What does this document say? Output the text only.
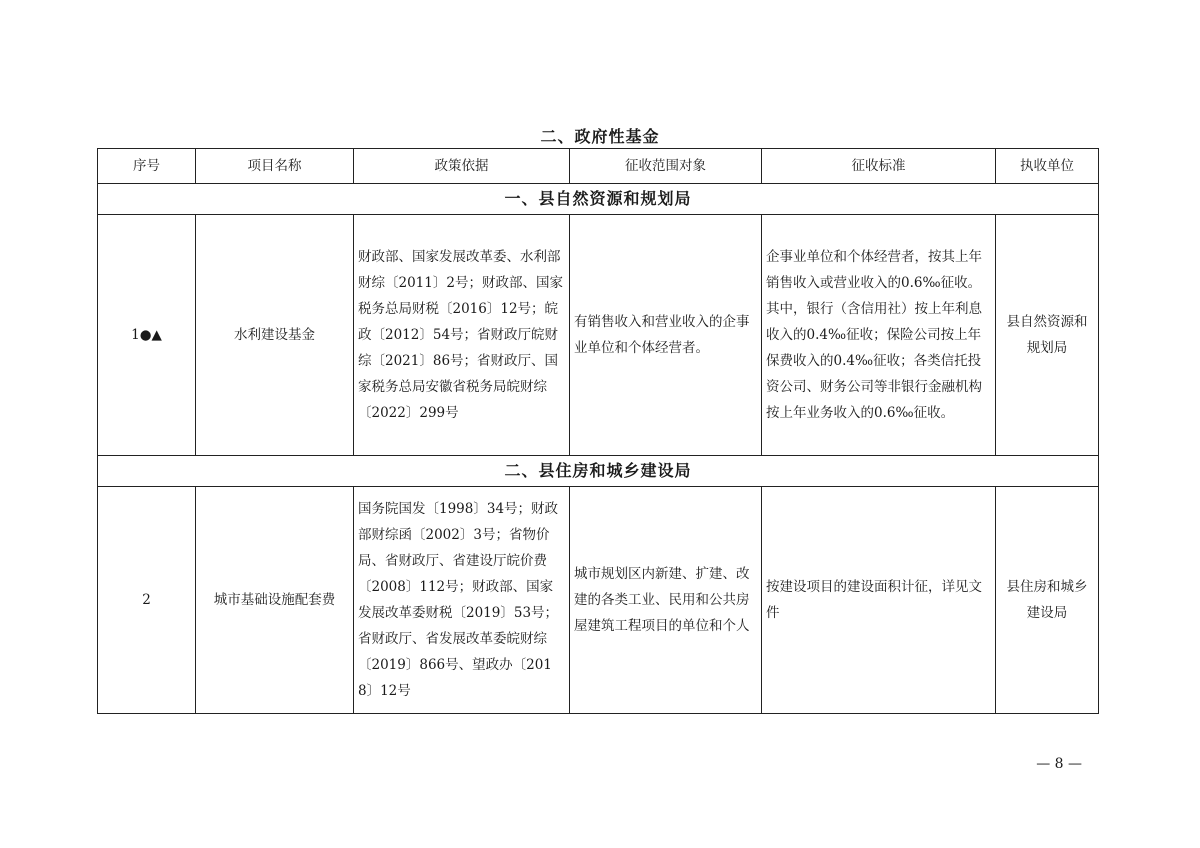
二、政府性基金
序号	项目名称	政策依据	征收范围对象	征收标准	执收单位
一、县自然资源和规划局					
1●▲	水利建设基金	财政部、国家发展改革委、水利部财综〔2011〕2号；财政部、国家税务总局财税〔2016〕12号；皖政〔2012〕54号；省财政厅皖财综〔2021〕86号；省财政厅、国家税务总局安徽省税务局皖财综〔2022〕299号	有销售收入和营业收入的企事业单位和个体经营者。	企事业单位和个体经营者，按其上年销售收入或营业收入的0.6‰征收。其中，银行（含信用社）按上年利息收入的0.4‰征收；保险公司按上年保费收入的0.4‰征收；各类信托投资公司、财务公司等非银行金融机构按上年业务收入的0.6‰征收。	县自然资源和规划局
二、县住房和城乡建设局					
2	城市基础设施配套费	国务院国发〔1998〕34号；财政部财综函〔2002〕3号；省物价局、省财政厅、省建设厅皖价费〔2008〕112号；财政部、国家发展改革委财税〔2019〕53号；省财政厅、省发展改革委皖财综〔2019〕866号、望政办〔2018〕12号	城市规划区内新建、扩建、改建的各类工业、民用和公共房屋建筑工程项目的单位和个人	按建设项目的建设面积计征，详见文件	县住房和城乡建设局
— 8 —
